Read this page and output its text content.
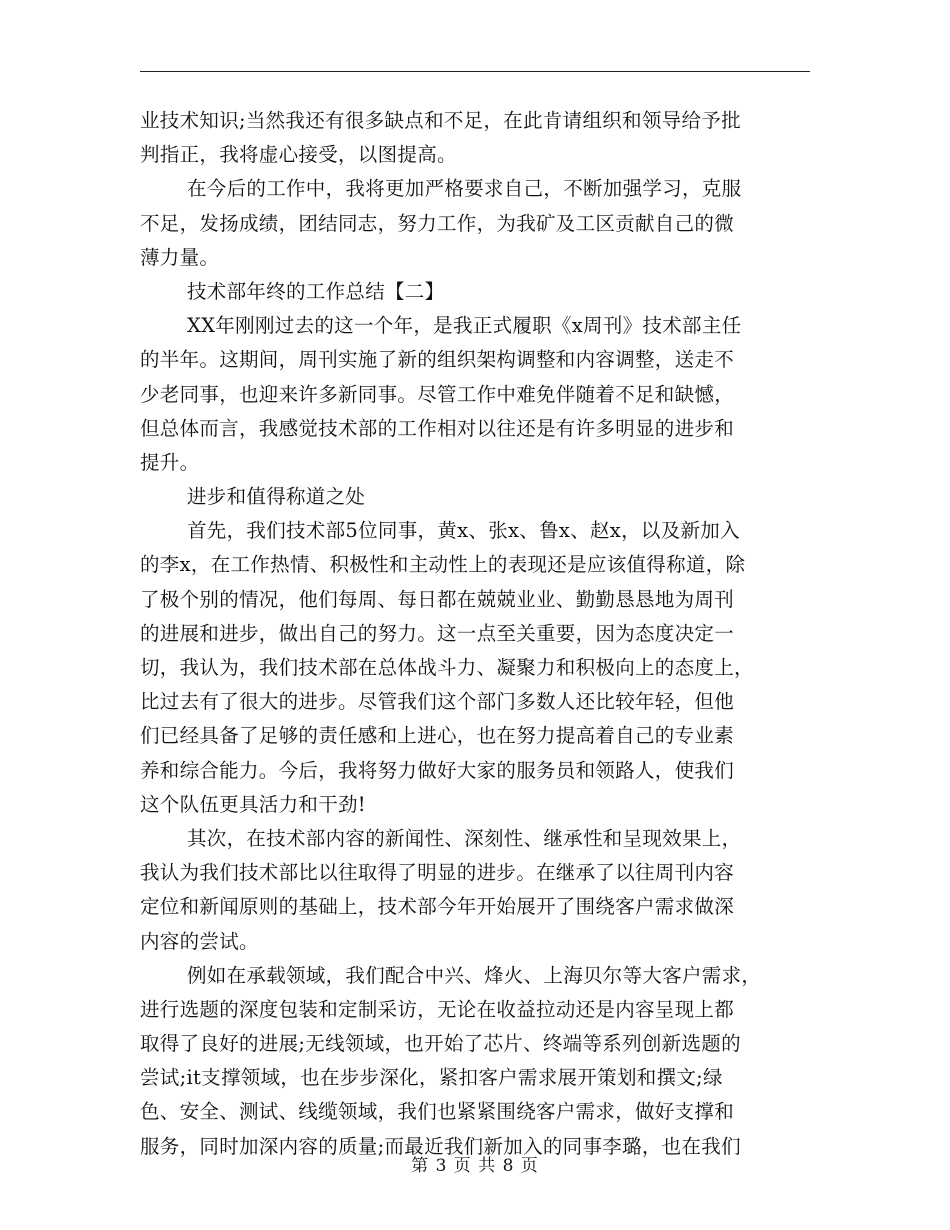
业技术知识;当然我还有很多缺点和不足，在此肯请组织和领导给予批
判指正，我将虚心接受，以图提高。
在今后的工作中，我将更加严格要求自己，不断加强学习，克服
不足，发扬成绩，团结同志，努力工作，为我矿及工区贡献自己的微
薄力量。
技术部年终的工作总结【二】
XX年刚刚过去的这一个年，是我正式履职《x周刊》技术部主任
的半年。这期间，周刊实施了新的组织架构调整和内容调整，送走不
少老同事，也迎来许多新同事。尽管工作中难免伴随着不足和缺憾，
但总体而言，我感觉技术部的工作相对以往还是有许多明显的进步和
提升。
进步和值得称道之处
首先，我们技术部5位同事，黄x、张x、鲁x、赵x，以及新加入
的李x，在工作热情、积极性和主动性上的表现还是应该值得称道，除
了极个别的情况，他们每周、每日都在兢兢业业、勤勤恳恳地为周刊
的进展和进步，做出自己的努力。这一点至关重要，因为态度决定一
切，我认为，我们技术部在总体战斗力、凝聚力和积极向上的态度上，
比过去有了很大的进步。尽管我们这个部门多数人还比较年轻，但他
们已经具备了足够的责任感和上进心，也在努力提高着自己的专业素
养和综合能力。今后，我将努力做好大家的服务员和领路人，使我们
这个队伍更具活力和干劲!
其次，在技术部内容的新闻性、深刻性、继承性和呈现效果上，
我认为我们技术部比以往取得了明显的进步。在继承了以往周刊内容
定位和新闻原则的基础上，技术部今年开始展开了围绕客户需求做深
内容的尝试。
例如在承载领域，我们配合中兴、烽火、上海贝尔等大客户需求，
进行选题的深度包装和定制采访，无论在收益拉动还是内容呈现上都
取得了良好的进展;无线领域，也开始了芯片、终端等系列创新选题的
尝试;it支撑领域，也在步步深化，紧扣客户需求展开策划和撰文;绿
色、安全、测试、线缆领域，我们也紧紧围绕客户需求，做好支撑和
服务，同时加深内容的质量;而最近我们新加入的同事李璐，也在我们
第 3 页 共 8 页
